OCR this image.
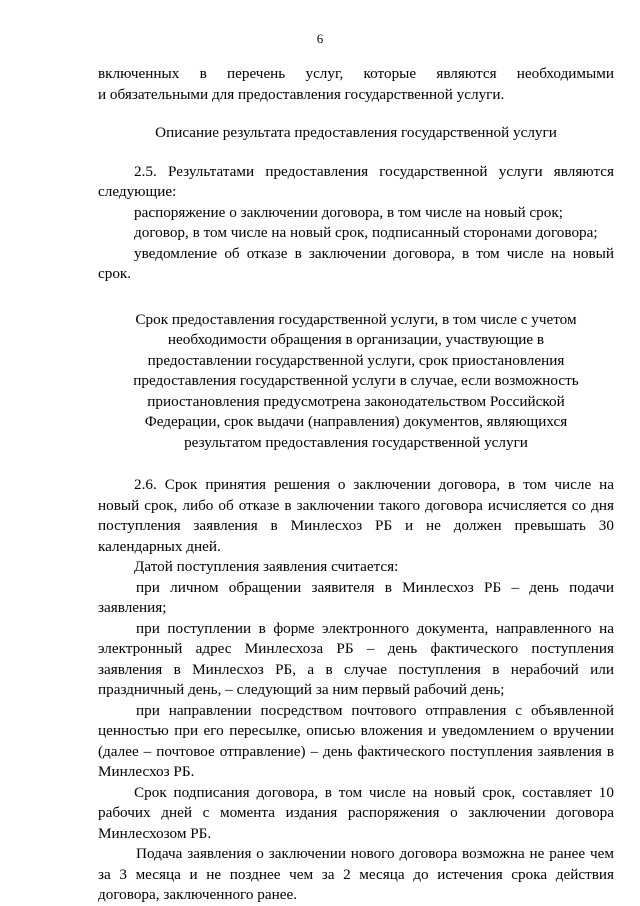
6

включенных в перечень услуг, которые являются необходимыми

и обязательными для предоставления государственной услуги.

Описание результата предоставления государственной услуги

2.5. Результатами предоставления государственной услуги являются следующие:

распоряжение о заключении договора, в том числе на новый срок;

договор, в том числе на новый срок, подписанный сторонами договора;

уведомление об отказе в заключении договора, в том числе на новый срок.

Срок предоставления государственной услуги, в том числе с учетом необходимости обращения в организации, участвующие в предоставлении государственной услуги, срок приостановления предоставления государственной услуги в случае, если возможность приостановления предусмотрена законодательством Российской Федерации, срок выдачи (направления) документов, являющихся результатом предоставления государственной услуги

2.6. Срок принятия решения о заключении договора, в том числе на новый срок, либо об отказе в заключении такого договора исчисляется со дня поступления заявления в Минлесхоз РБ и не должен превышать 30 календарных дней.

Датой поступления заявления считается:

при личном обращении заявителя в Минлесхоз РБ – день подачи заявления;

при поступлении в форме электронного документа, направленного на электронный адрес Минлесхоза РБ – день фактического поступления заявления в Минлесхоз РБ, а в случае поступления в нерабочий или праздничный день, – следующий за ним первый рабочий день;

при направлении посредством почтового отправления с объявленной ценностью при его пересылке, описью вложения и уведомлением о вручении (далее – почтовое отправление) – день фактического поступления заявления в Минлесхоз РБ.

Срок подписания договора, в том числе на новый срок, составляет 10 рабочих дней с момента издания распоряжения о заключении договора Минлесхозом РБ.

Подача заявления о заключении нового договора возможна не ранее чем за 3 месяца и не позднее чем за 2 месяца до истечения срока действия договора, заключенного ранее.
